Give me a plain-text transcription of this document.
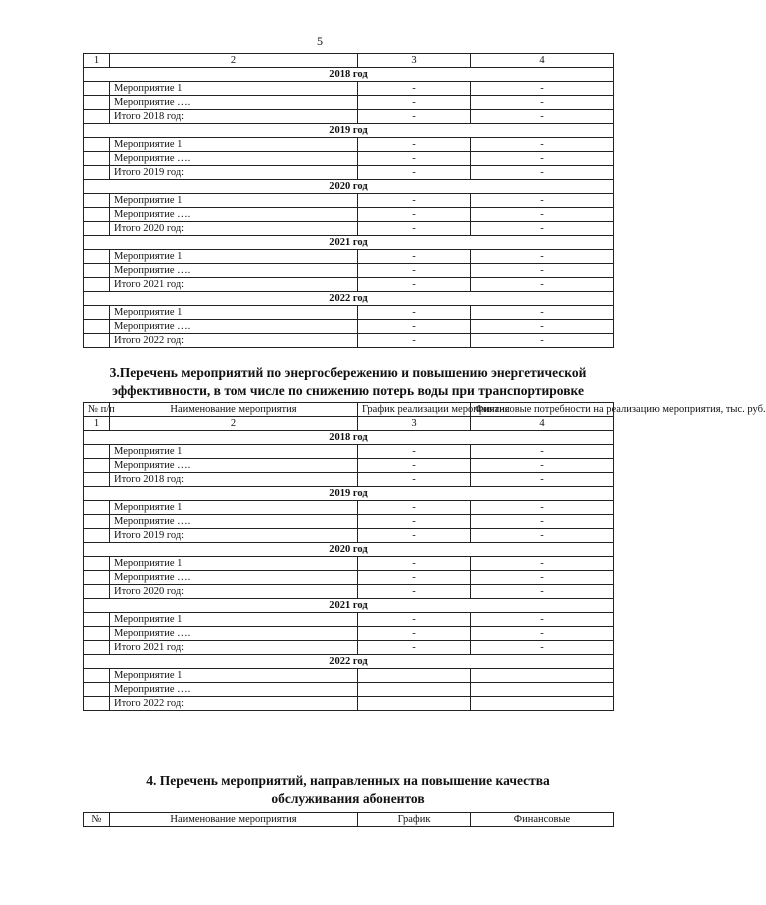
5
1	2	3	4
2018 год			
	Мероприятие 1	-	-
	Мероприятие ….	-	-
	Итого 2018 год:	-	-
2019 год			
	Мероприятие 1	-	-
	Мероприятие ….	-	-
	Итого 2019 год:	-	-
2020 год			
	Мероприятие 1	-	-
	Мероприятие ….	-	-
	Итого 2020 год:	-	-
2021 год			
	Мероприятие 1	-	-
	Мероприятие ….	-	-
	Итого 2021 год:	-	-
2022 год			
	Мероприятие 1	-	-
	Мероприятие ….	-	-
	Итого 2022 год:	-	-
3.Перечень мероприятий по энергосбережению и повышению энергетической
эффективности, в том числе по снижению потерь воды при транспортировке
№ п/п	Наименование мероприятия	График реализации мероприятия	Финансовые потребности на реализацию мероприятия, тыс. руб.
1	2	3	4
2018 год			
	Мероприятие 1	-	-
	Мероприятие ….	-	-
	Итого 2018 год:	-	-
2019 год			
	Мероприятие 1	-	-
	Мероприятие ….	-	-
	Итого 2019 год:	-	-
2020 год			
	Мероприятие 1	-	-
	Мероприятие ….	-	-
	Итого 2020 год:	-	-
2021 год			
	Мероприятие 1	-	-
	Мероприятие ….	-	-
	Итого 2021 год:	-	-
2022 год			
	Мероприятие 1		
	Мероприятие ….		
	Итого 2022 год:		
4. Перечень мероприятий, направленных на повышение качества
обслуживания абонентов
№	Наименование мероприятия	График	Финансовые
